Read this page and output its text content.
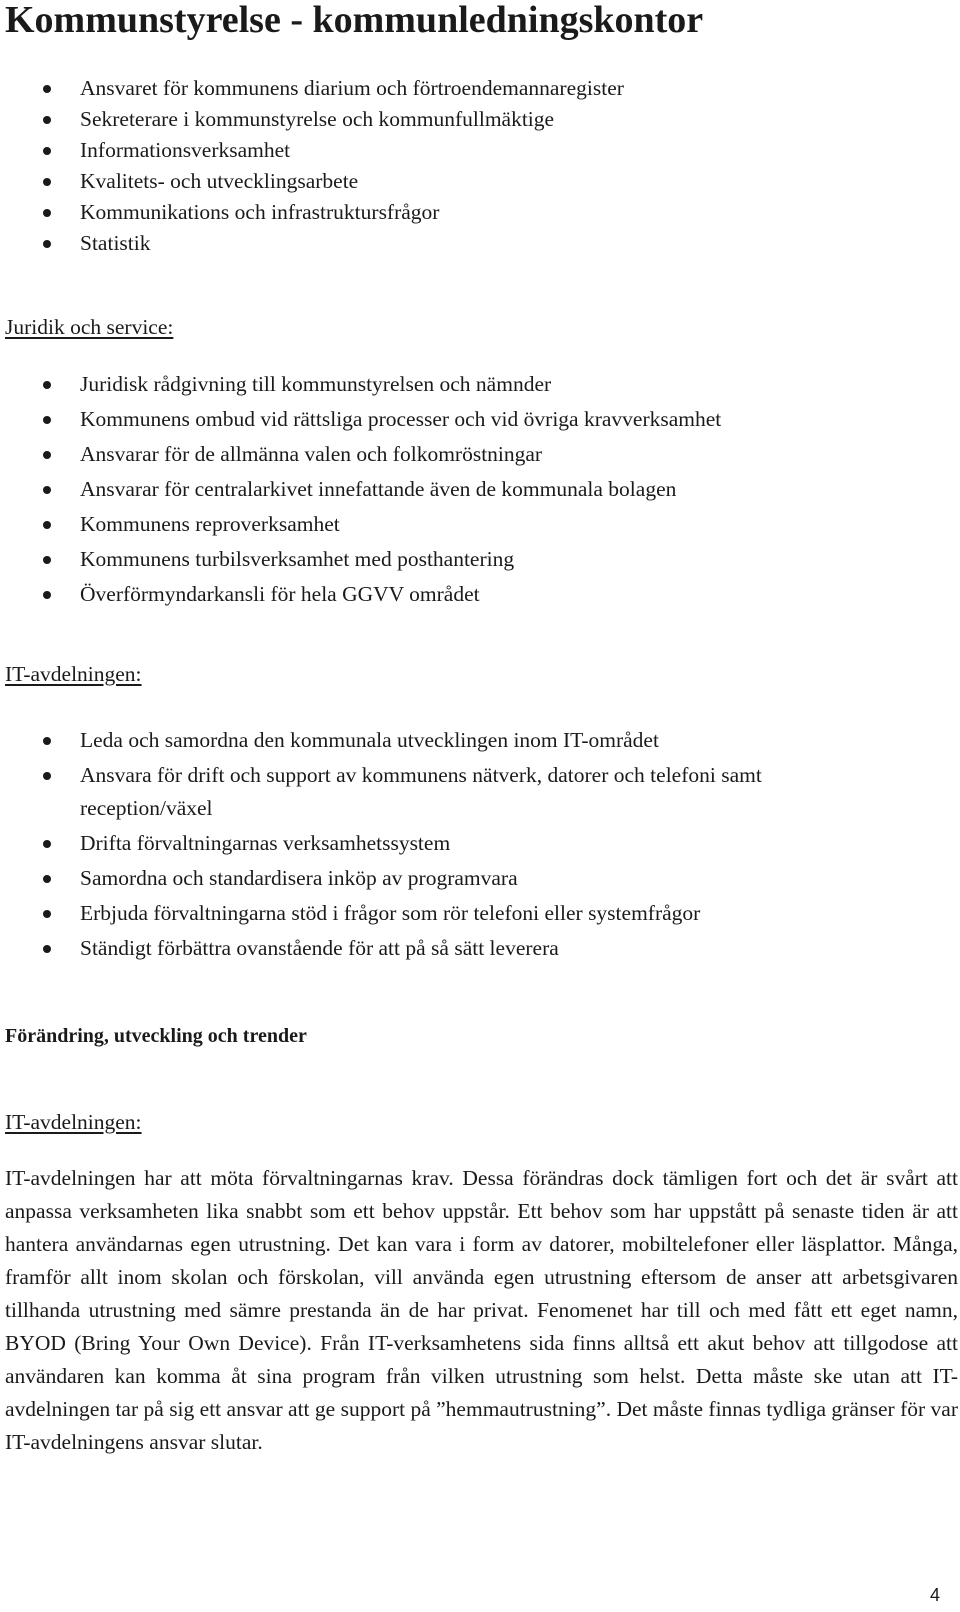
Kommunstyrelse - kommunledningskontor
Ansvaret för kommunens diarium och förtroendemannaregister
Sekreterare i kommunstyrelse och kommunfullmäktige
Informationsverksamhet
Kvalitets- och utvecklingsarbete
Kommunikations och infrastruktursfrågor
Statistik
Juridik och service:
Juridisk rådgivning till kommunstyrelsen och nämnder
Kommunens ombud vid rättsliga processer och vid övriga kravverksamhet
Ansvarar för de allmänna valen och folkomröstningar
Ansvarar för centralarkivet innefattande även de kommunala bolagen
Kommunens reproverksamhet
Kommunens turbilsverksamhet med posthantering
Överförmyndarkansli för hela GGVV området
IT-avdelningen:
Leda och samordna den kommunala utvecklingen inom IT-området
Ansvara för drift och support av kommunens nätverk, datorer och telefoni samt reception/växel
Drifta förvaltningarnas verksamhetssystem
Samordna och standardisera inköp av programvara
Erbjuda förvaltningarna stöd i frågor som rör telefoni eller systemfrågor
Ständigt förbättra ovanstående för att på så sätt leverera
Förändring, utveckling och trender
IT-avdelningen:

IT-avdelningen har att möta förvaltningarnas krav. Dessa förändras dock tämligen fort och det är svårt att anpassa verksamheten lika snabbt som ett behov uppstår. Ett behov som har uppstått på senaste tiden är att hantera användarnas egen utrustning. Det kan vara i form av datorer, mobiltelefoner eller läsplattor. Många, framför allt inom skolan och förskolan, vill använda egen utrustning eftersom de anser att arbetsgivaren tillhanda utrustning med sämre prestanda än de har privat. Fenomenet har till och med fått ett eget namn, BYOD (Bring Your Own Device). Från IT-verksamhetens sida finns alltså ett akut behov att tillgodose att användaren kan komma åt sina program från vilken utrustning som helst. Detta måste ske utan att IT-avdelningen tar på sig ett ansvar att ge support på ”hemmautrustning”. Det måste finnas tydliga gränser för var IT-avdelningens ansvar slutar.

4
